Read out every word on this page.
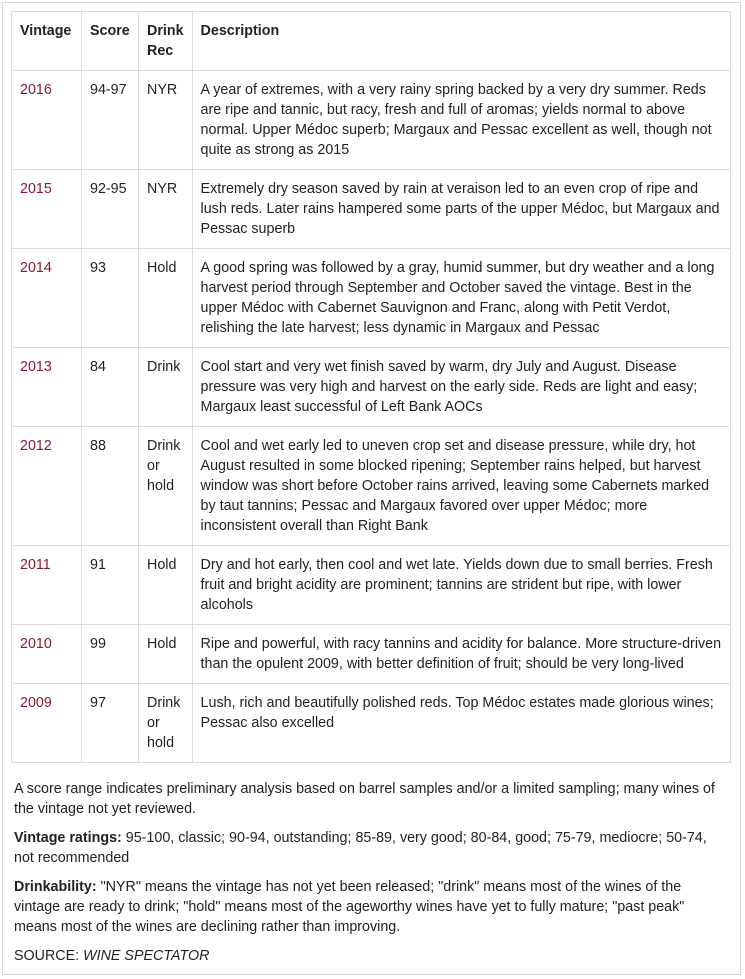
Vintage	Score	Drink Rec	Description
2016	94-97	NYR	A year of extremes, with a very rainy spring backed by a very dry summer. Reds are ripe and tannic, but racy, fresh and full of aromas; yields normal to above normal. Upper Médoc superb; Margaux and Pessac excellent as well, though not quite as strong as 2015
2015	92-95	NYR	Extremely dry season saved by rain at veraison led to an even crop of ripe and lush reds. Later rains hampered some parts of the upper Médoc, but Margaux and Pessac superb
2014	93	Hold	A good spring was followed by a gray, humid summer, but dry weather and a long harvest period through September and October saved the vintage. Best in the upper Médoc with Cabernet Sauvignon and Franc, along with Petit Verdot, relishing the late harvest; less dynamic in Margaux and Pessac
2013	84	Drink	Cool start and very wet finish saved by warm, dry July and August. Disease pressure was very high and harvest on the early side. Reds are light and easy; Margaux least successful of Left Bank AOCs
2012	88	Drink or hold	Cool and wet early led to uneven crop set and disease pressure, while dry, hot August resulted in some blocked ripening; September rains helped, but harvest window was short before October rains arrived, leaving some Cabernets marked by taut tannins; Pessac and Margaux favored over upper Médoc; more inconsistent overall than Right Bank
2011	91	Hold	Dry and hot early, then cool and wet late. Yields down due to small berries. Fresh fruit and bright acidity are prominent; tannins are strident but ripe, with lower alcohols
2010	99	Hold	Ripe and powerful, with racy tannins and acidity for balance. More structure-driven than the opulent 2009, with better definition of fruit; should be very long-lived
2009	97	Drink or hold	Lush, rich and beautifully polished reds. Top Médoc estates made glorious wines; Pessac also excelled

A score range indicates preliminary analysis based on barrel samples and/or a limited sampling; many wines of the vintage not yet reviewed.

Vintage ratings: 95-100, classic; 90-94, outstanding; 85-89, very good; 80-84, good; 75-79, mediocre; 50-74, not recommended

Drinkability: "NYR" means the vintage has not yet been released; "drink" means most of the wines of the vintage are ready to drink; "hold" means most of the ageworthy wines have yet to fully mature; "past peak" means most of the wines are declining rather than improving.

SOURCE: WINE SPECTATOR
